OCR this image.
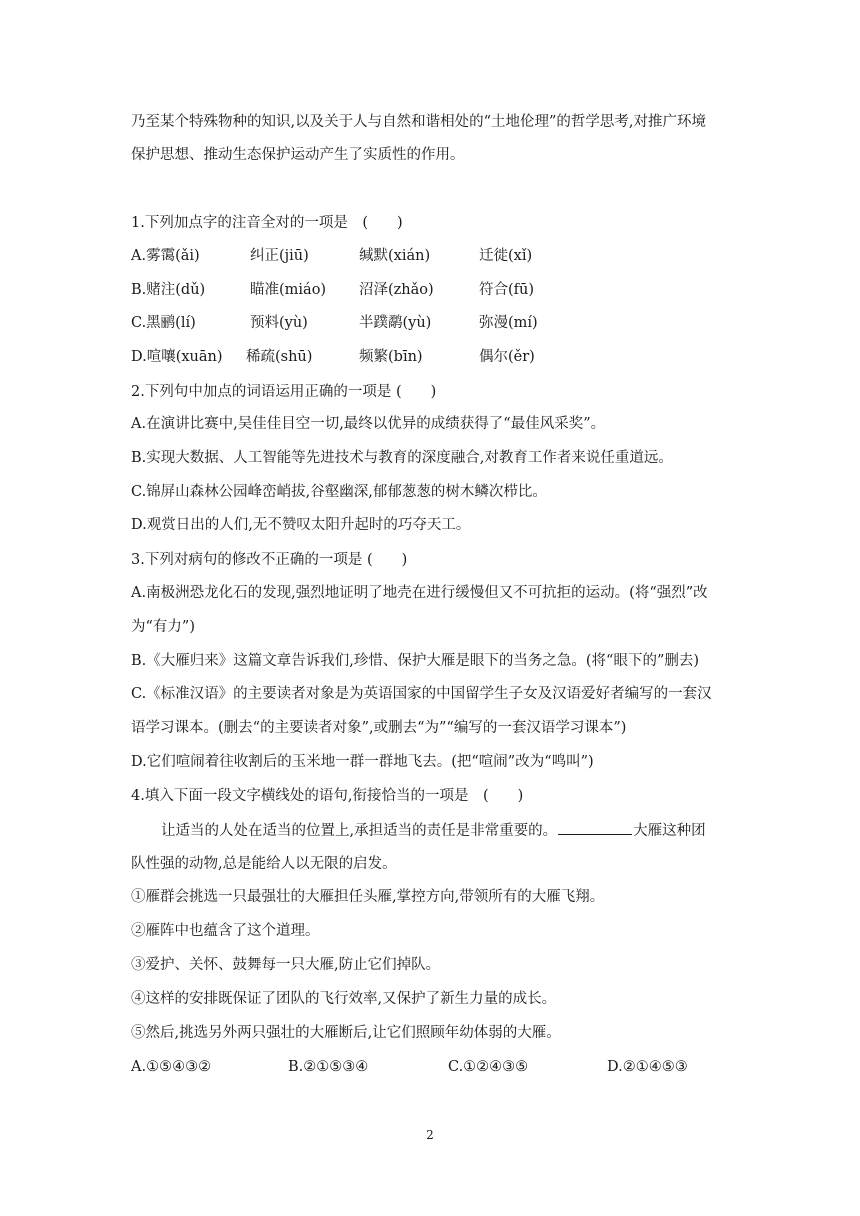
乃至某个特殊物种的知识,以及关于人与自然和谐相处的“土地伦理”的哲学思考,对推广环境
保护思想、推动生态保护运动产生了实质性的作用。
1.下列加点字的注音全对的一项是　(　　)
A.雾霭(ǎi)	纠正(jiū)	缄默(xián)	迁徙(xǐ)
B.赌注(dǔ)	瞄准(miáo) 沼泽(zhǎo)	符合(fū)
C.黑鹂(lí)	预料(yù)	半蹼鹬(yù)	弥漫(mí)
D.喧嚷(xuān) 稀疏(shū)	频繁(bīn)	偶尔(ěr)
2.下列句中加点的词语运用正确的一项是 (　　)
A.在演讲比赛中,吴佳佳目空一切,最终以优异的成绩获得了“最佳风采奖”。
B.实现大数据、人工智能等先进技术与教育的深度融合,对教育工作者来说任重道远。
C.锦屏山森林公园峰峦峭拔,谷壑幽深,郁郁葱葱的树木鳞次栉比。
D.观赏日出的人们,无不赞叹太阳升起时的巧夺天工。
3.下列对病句的修改不正确的一项是 (　　)
A.南极洲恐龙化石的发现,强烈地证明了地壳在进行缓慢但又不可抗拒的运动。(将“强烈”改
为“有力”)
B.《大雁归来》这篇文章告诉我们,珍惜、保护大雁是眼下的当务之急。(将“眼下的”删去)
C.《标准汉语》的主要读者对象是为英语国家的中国留学生子女及汉语爱好者编写的一套汉
语学习课本。(删去“的主要读者对象”,或删去“为”“编写的一套汉语学习课本”)
D.它们喧闹着往收割后的玉米地一群一群地飞去。(把“喧闹”改为“鸣叫”)
4.填入下面一段文字横线处的语句,衔接恰当的一项是　(　　)
让适当的人处在适当的位置上,承担适当的责任是非常重要的。	大雁这种团
队性强的动物,总是能给人以无限的启发。
①雁群会挑选一只最强壮的大雁担任头雁,掌控方向,带领所有的大雁飞翔。
②雁阵中也蕴含了这个道理。
③爱护、关怀、鼓舞每一只大雁,防止它们掉队。
④这样的安排既保证了团队的飞行效率,又保护了新生力量的成长。
⑤然后,挑选另外两只强壮的大雁断后,让它们照顾年幼体弱的大雁。
A.①⑤④③②	B.②①⑤③④	C.①②④③⑤	D.②①④⑤③
2
